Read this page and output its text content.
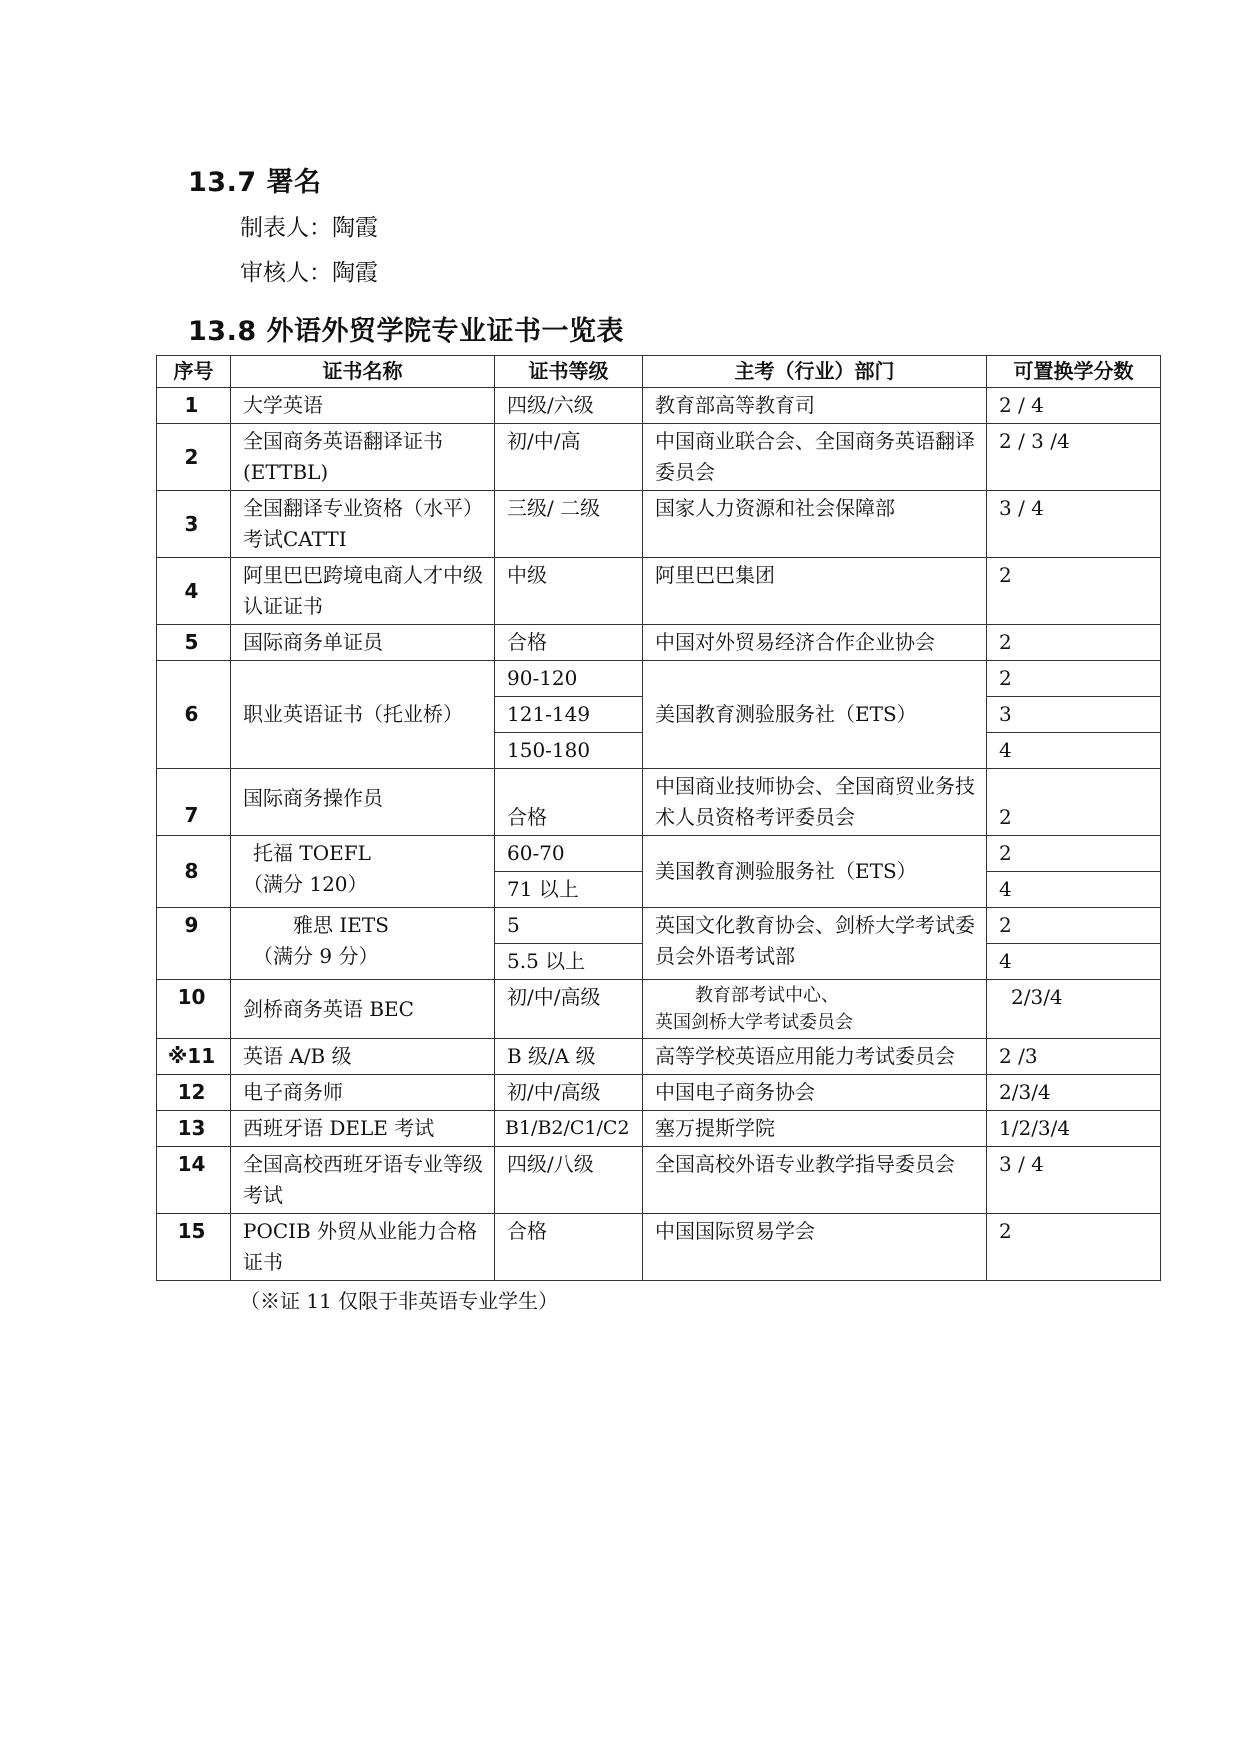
13.7 署名
制表人：陶霞
审核人：陶霞
13.8 外语外贸学院专业证书一览表
序号	证书名称	证书等级	主考（行业）部门	可置换学分数
1	大学英语	四级/六级	教育部高等教育司	2 / 4
2	全国商务英语翻译证书(ETTBL)	初/中/高	中国商业联合会、全国商务英语翻译委员会	2 / 3 /4
3	全国翻译专业资格（水平）考试CATTI	三级/ 二级	国家人力资源和社会保障部	3 / 4
4	阿里巴巴跨境电商人才中级认证证书	中级	阿里巴巴集团	2
5	国际商务单证员	合格	中国对外贸易经济合作企业协会	2
6	职业英语证书（托业桥）	90-120	美国教育测验服务社（ETS）	2
		121-149		3
		150-180		4
7	国际商务操作员	合格	中国商业技师协会、全国商贸业务技术人员资格考评委员会	2
8	托福 TOEFL
（满分 120）	60-70	美国教育测验服务社（ETS）	2
		71 以上		4
9	雅思 IETS
（满分 9 分）	5	英国文化教育协会、剑桥大学考试委员会外语考试部	2
		5.5 以上		4
10	剑桥商务英语 BEC	初/中/高级	教育部考试中心、
英国剑桥大学考试委员会	2/3/4
※11	英语 A/B 级	B 级/A 级	高等学校英语应用能力考试委员会	2 /3
12	电子商务师	初/中/高级	中国电子商务协会	2/3/4
13	西班牙语 DELE 考试	B1/B2/C1/C2	塞万提斯学院	1/2/3/4
14	全国高校西班牙语专业等级考试	四级/八级	全国高校外语专业教学指导委员会	3 / 4
15	POCIB 外贸从业能力合格证书	合格	中国国际贸易学会	2
（※证 11 仅限于非英语专业学生）
